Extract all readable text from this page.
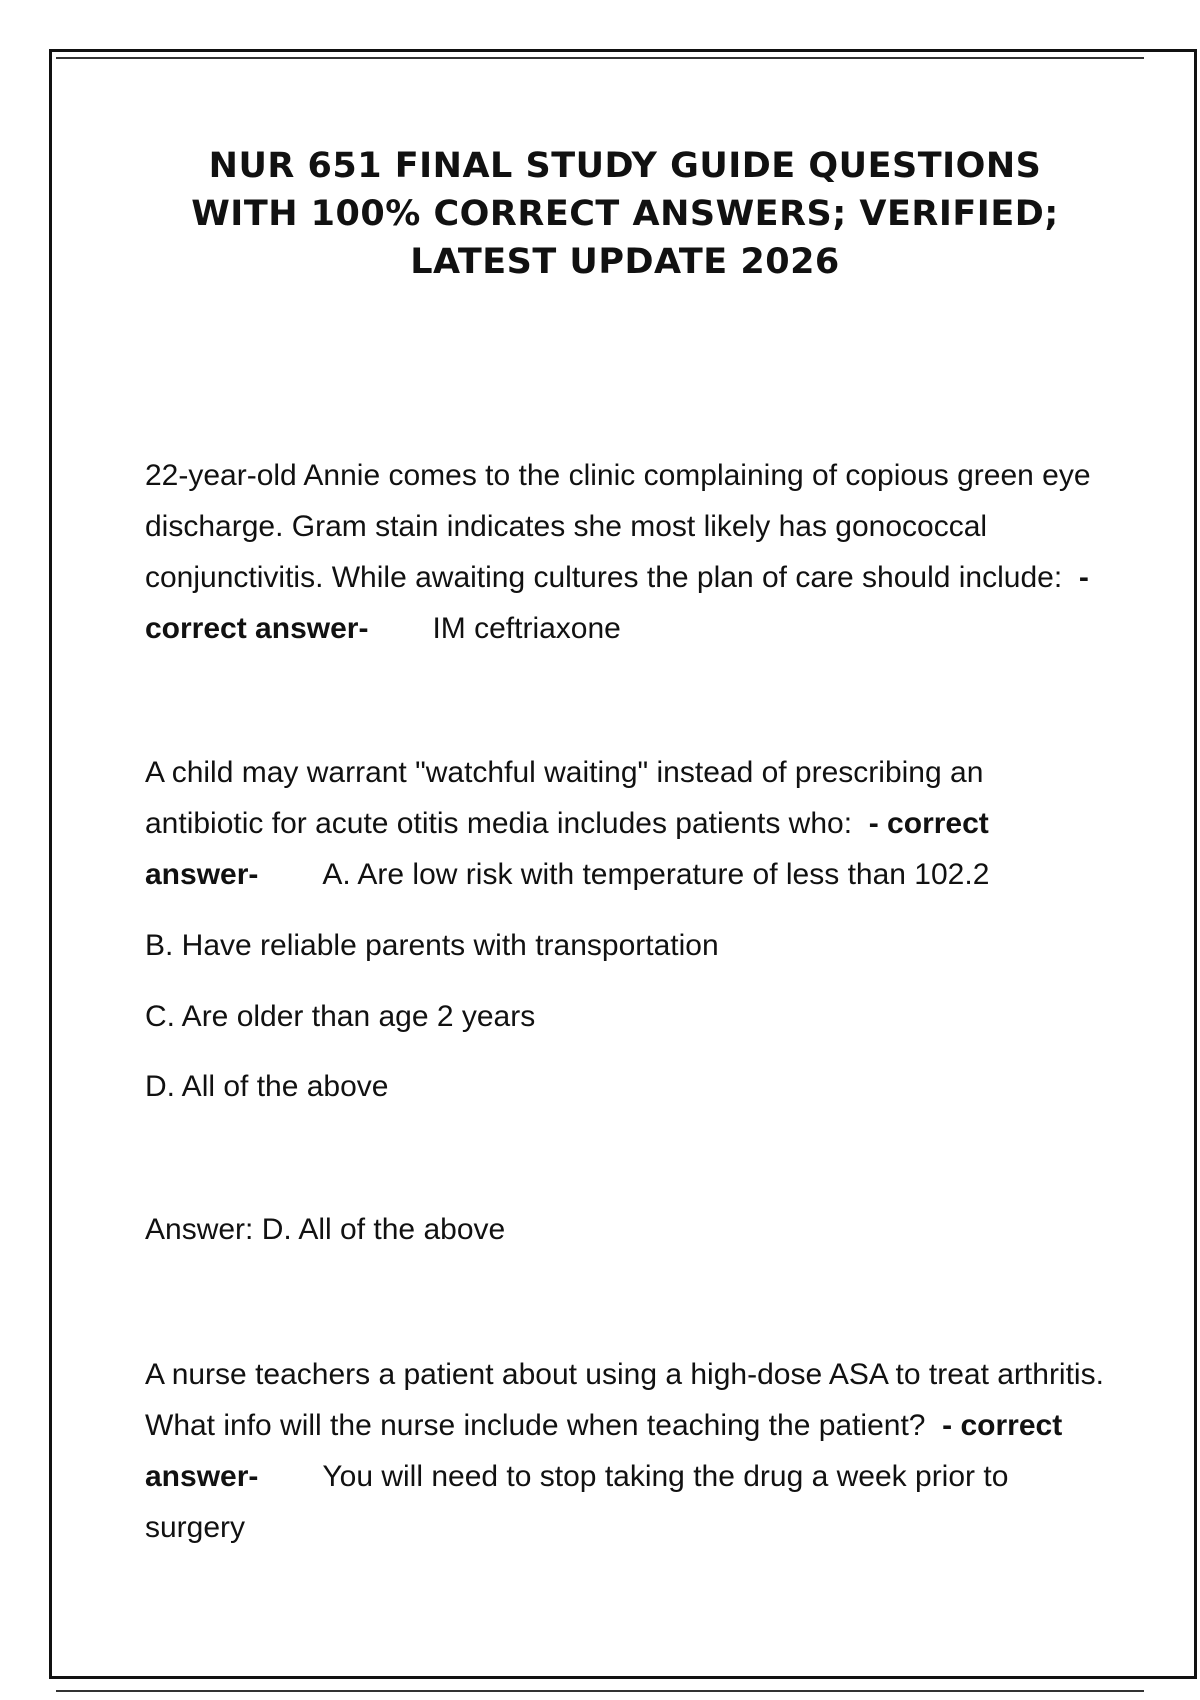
NUR 651 FINAL STUDY GUIDE QUESTIONS WITH 100% CORRECT ANSWERS; VERIFIED; LATEST UPDATE 2026

22-year-old Annie comes to the clinic complaining of copious green eye discharge. Gram stain indicates she most likely has gonococcal conjunctivitis. While awaiting cultures the plan of care should include: - correct answer- IM ceftriaxone

A child may warrant "watchful waiting" instead of prescribing an antibiotic for acute otitis media includes patients who: - correct answer- A. Are low risk with temperature of less than 102.2

B. Have reliable parents with transportation

C. Are older than age 2 years

D. All of the above

Answer: D. All of the above

A nurse teachers a patient about using a high-dose ASA to treat arthritis. What info will the nurse include when teaching the patient? - correct answer- You will need to stop taking the drug a week prior to surgery
